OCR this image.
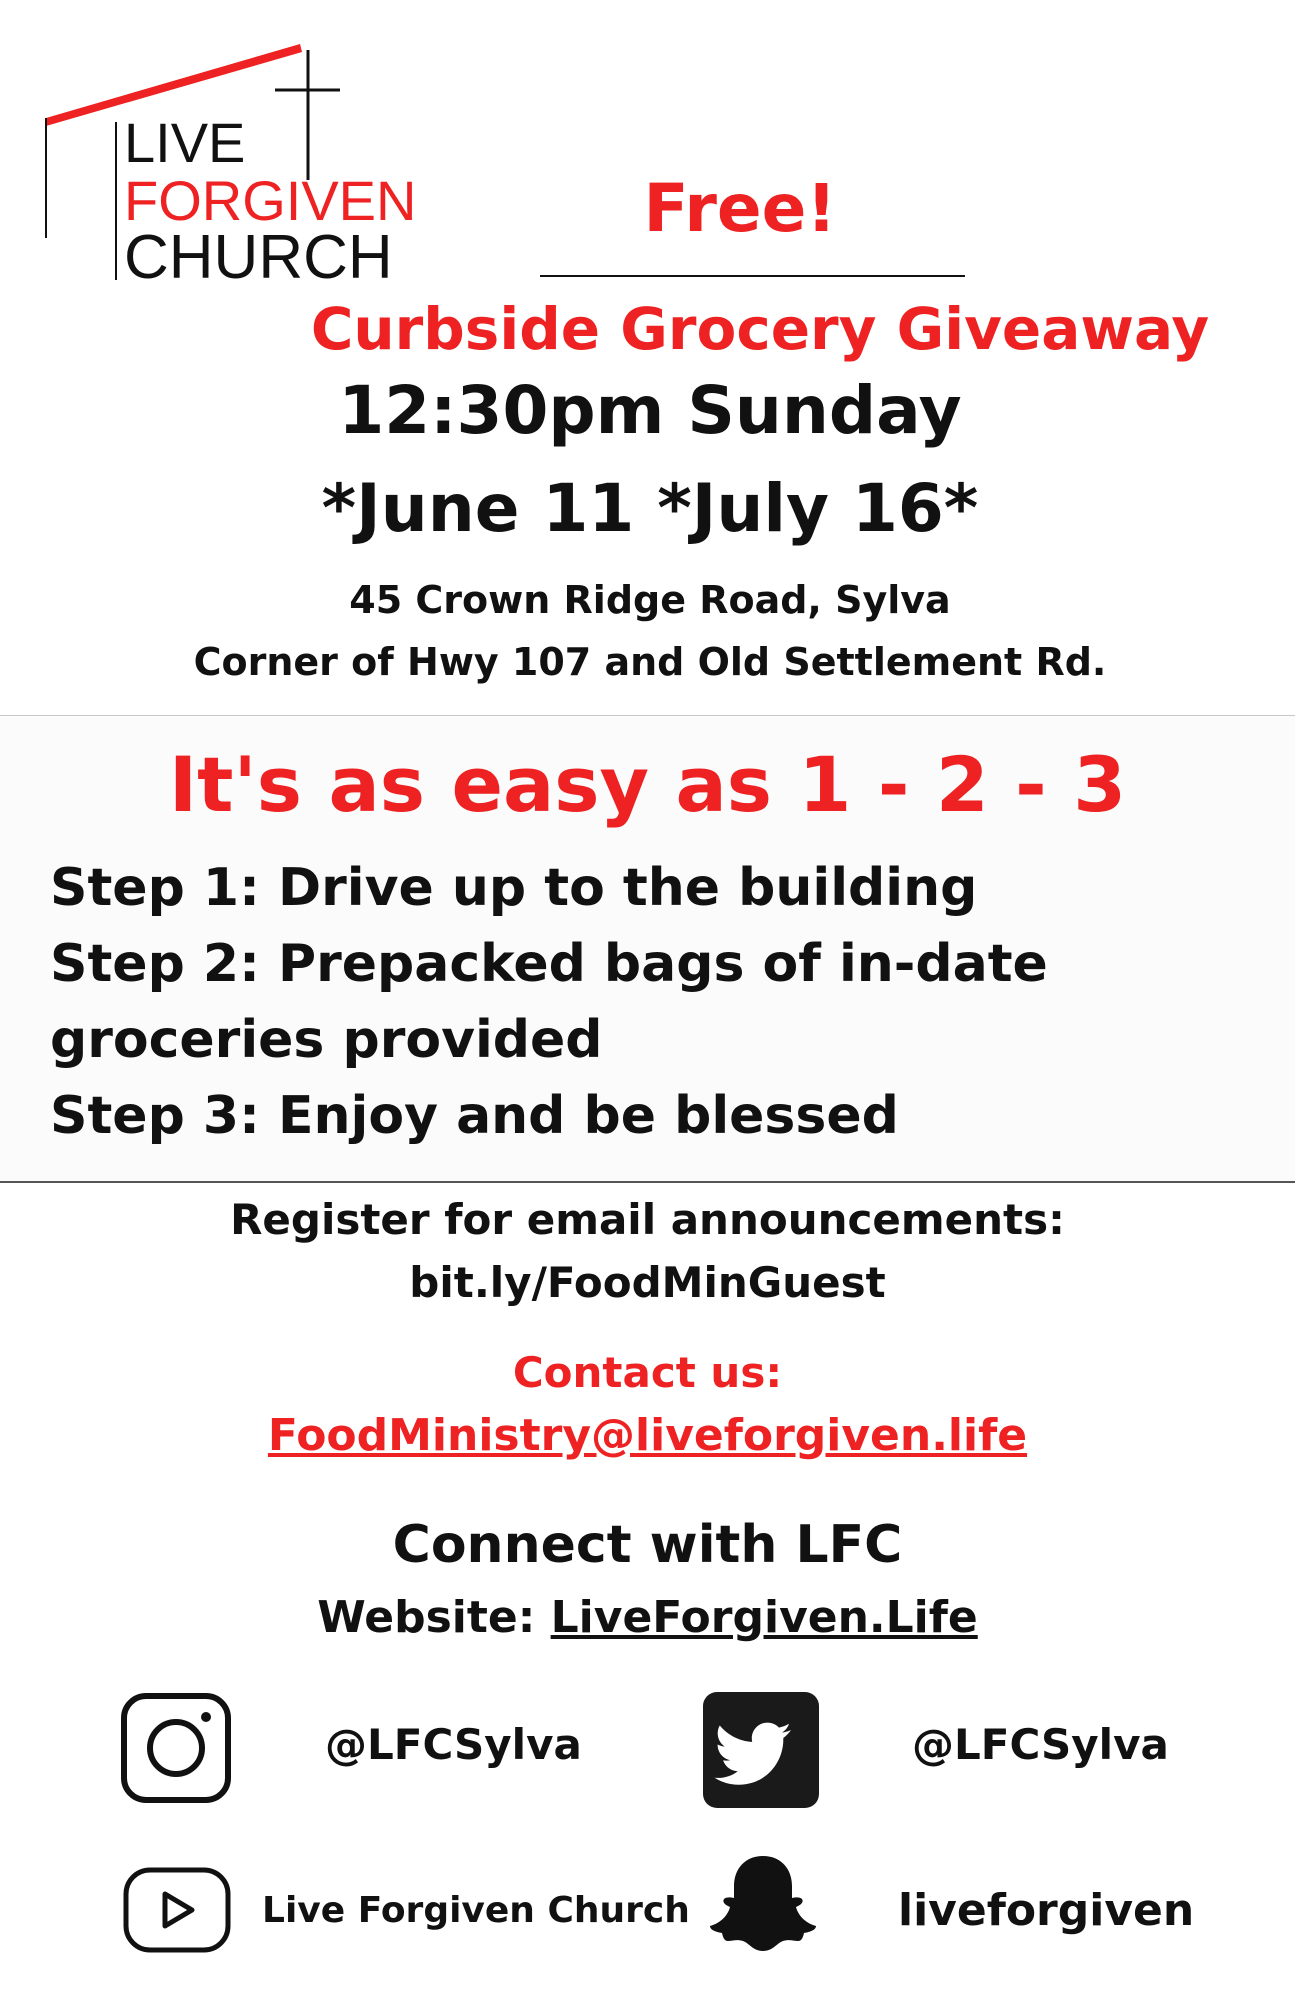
LIVE
FORGIVEN
CHURCH
Free!
Curbside Grocery Giveaway
12:30pm Sunday
*June 11 *July 16*
45 Crown Ridge Road, Sylva
Corner of Hwy 107 and Old Settlement Rd.
It's as easy as 1 - 2 - 3
Step 1: Drive up to the building
Step 2: Prepacked bags of in-date
groceries provided
Step 3: Enjoy and be blessed
Register for email announcements:
bit.ly/FoodMinGuest
Contact us:
FoodMinistry@liveforgiven.life
Connect with LFC
Website: LiveForgiven.Life
@LFCSylva	@LFCSylva
Live Forgiven Church	liveforgiven
